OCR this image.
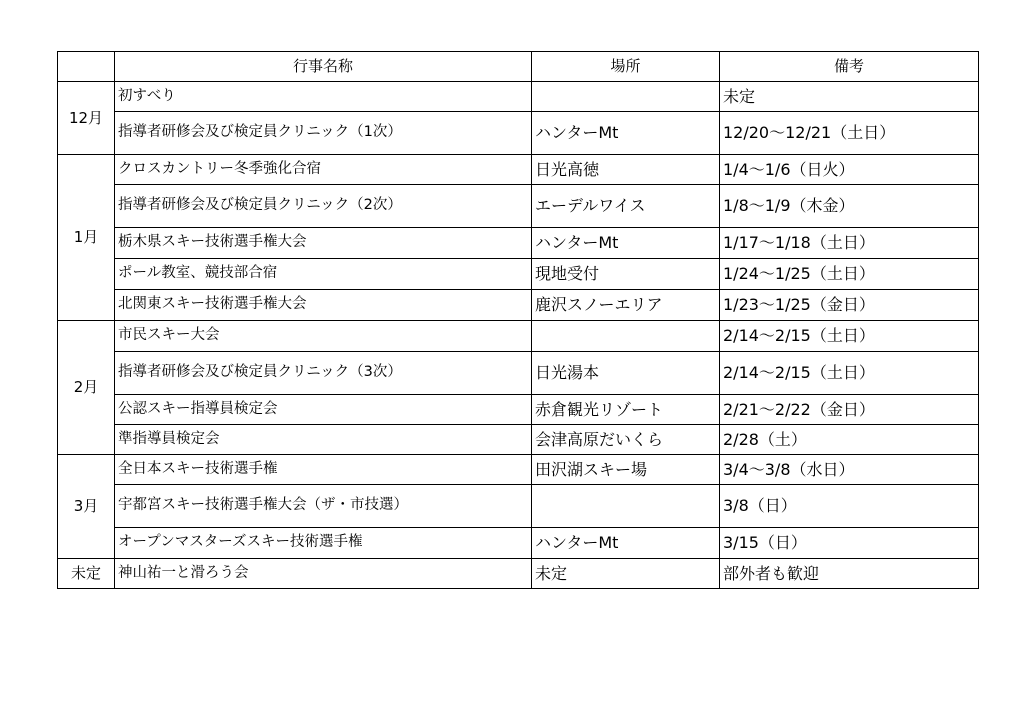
	行事名称	場所	備考
12月	初すべり		未定
	指導者研修会及び検定員クリニック（1次）	ハンターMt	12/20～12/21（土日）
1月	クロスカントリー冬季強化合宿	日光高徳	1/4～1/6（日火）
	指導者研修会及び検定員クリニック（2次）	エーデルワイス	1/8～1/9（木金）
	栃木県スキー技術選手権大会	ハンターMt	1/17～1/18（土日）
	ポール教室、競技部合宿	現地受付	1/24～1/25（土日）
	北関東スキー技術選手権大会	鹿沢スノーエリア	1/23～1/25（金日）
2月	市民スキー大会		2/14～2/15（土日）
	指導者研修会及び検定員クリニック（3次）	日光湯本	2/14～2/15（土日）
	公認スキー指導員検定会	赤倉観光リゾート	2/21～2/22（金日）
	準指導員検定会	会津高原だいくら	2/28（土）
3月	全日本スキー技術選手権	田沢湖スキー場	3/4～3/8（水日）
	宇都宮スキー技術選手権大会（ザ・市技選）		3/8（日）
	オープンマスターズスキー技術選手権	ハンターMt	3/15（日）
未定	神山祐一と滑ろう会	未定	部外者も歓迎
